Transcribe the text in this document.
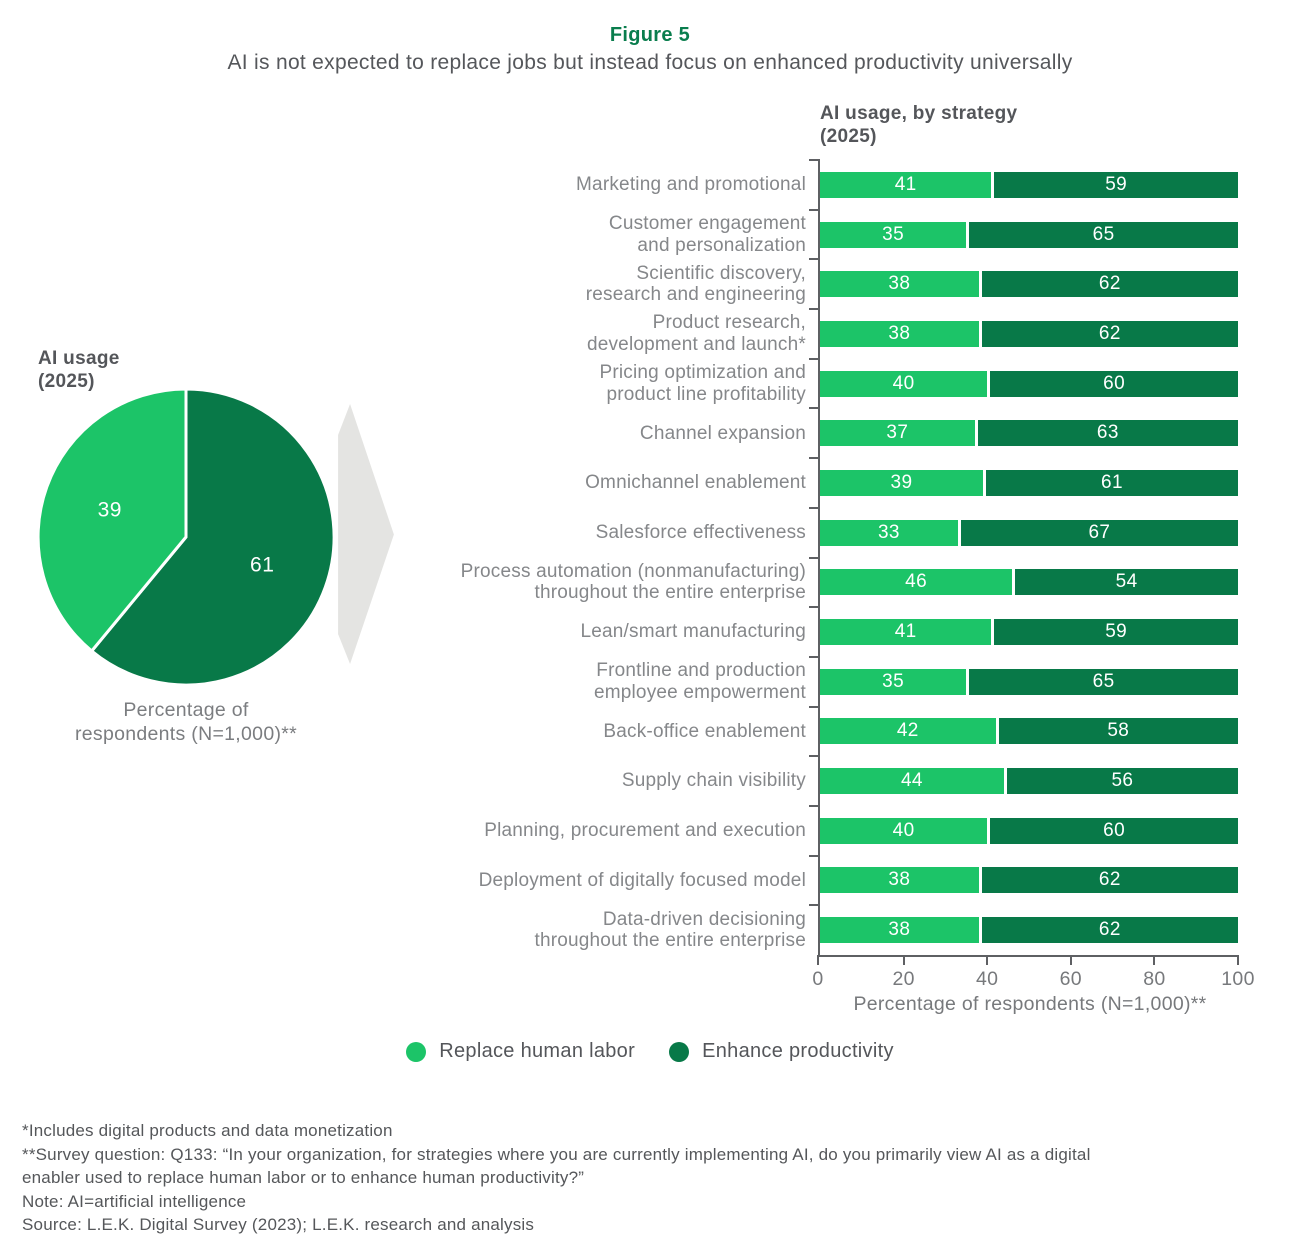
Figure 5
AI is not expected to replace jobs but instead focus on enhanced productivity universally
AI usage
(2025)
61
39
Percentage of
respondents (N=1,000)**
AI usage, by strategy
(2025)
Marketing and promotional	41	59
Customer engagement
and personalization
35	65
Scientific discovery,
research and engineering
38	62
Product research,
development and launch*
38	62
Pricing optimization and
product line profitability
40	60
Channel expansion	37	63
Omnichannel enablement	39	61
Salesforce effectiveness	33	67
Process automation (nonmanufacturing)
throughout the entire enterprise
46	54
Lean/smart manufacturing	41	59
Frontline and production
employee empowerment
35	65
Back-office enablement	42	58
Supply chain visibility	44	56
Planning, procurement and execution	40	60
Deployment of digitally focused model	38	62
Data-driven decisioning
throughout the entire enterprise
38	62
0	20	40	60	80	100
Percentage of respondents (N=1,000)**
Replace human labor	Enhance productivity
*Includes digital products and data monetization
**Survey question: Q133: “In your organization, for strategies where you are currently implementing AI, do you primarily view AI as a digital
enabler used to replace human labor or to enhance human productivity?”
Note: AI=artificial intelligence
Source: L.E.K. Digital Survey (2023); L.E.K. research and analysis
